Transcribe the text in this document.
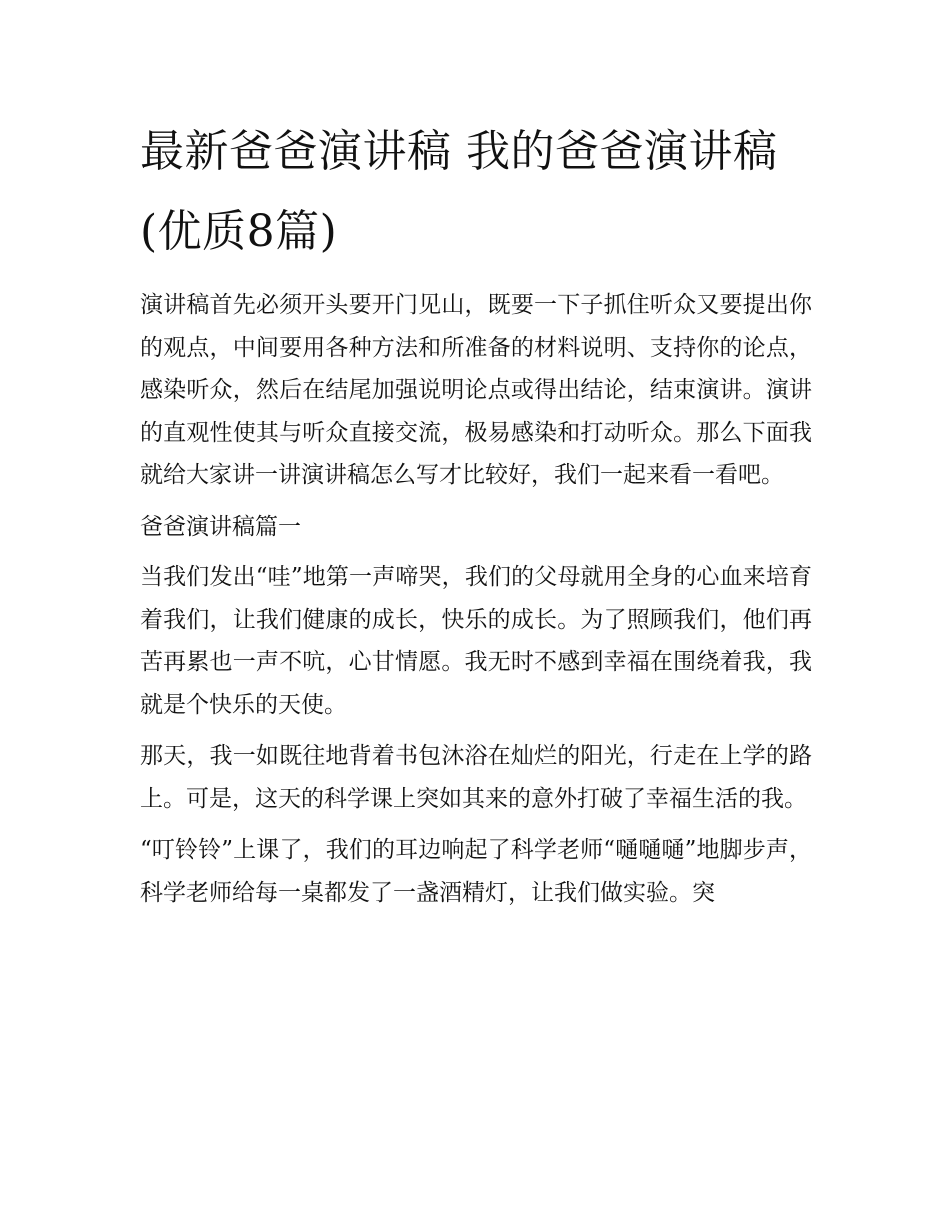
最新爸爸演讲稿 我的爸爸演讲稿(优质8篇)

演讲稿首先必须开头要开门见山，既要一下子抓住听众又要提出你的观点，中间要用各种方法和所准备的材料说明、支持你的论点，感染听众，然后在结尾加强说明论点或得出结论，结束演讲。演讲的直观性使其与听众直接交流，极易感染和打动听众。那么下面我就给大家讲一讲演讲稿怎么写才比较好，我们一起来看一看吧。

爸爸演讲稿篇一

当我们发出“哇”地第一声啼哭，我们的父母就用全身的心血来培育着我们，让我们健康的成长，快乐的成长。为了照顾我们，他们再苦再累也一声不吭，心甘情愿。我无时不感到幸福在围绕着我，我就是个快乐的天使。

那天，我一如既往地背着书包沐浴在灿烂的阳光，行走在上学的路上。可是，这天的科学课上突如其来的意外打破了幸福生活的我。

“叮铃铃”上课了，我们的耳边响起了科学老师“嗵嗵嗵”地脚步声，科学老师给每一桌都发了一盏酒精灯，让我们做实验。突
